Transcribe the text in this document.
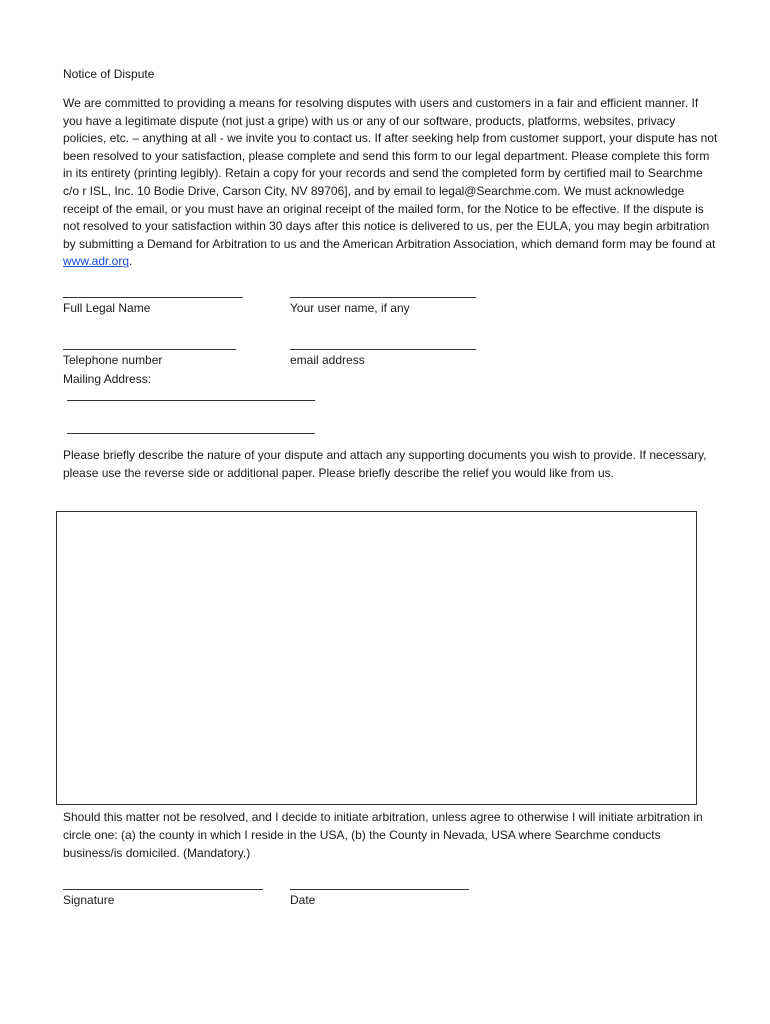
Notice of Dispute
We are committed to providing a means for resolving disputes with users and customers in a fair and efficient manner. If you have a legitimate dispute (not just a gripe) with us or any of our software, products, platforms, websites, privacy policies, etc. – anything at all - we invite you to contact us. If after seeking help from customer support, your dispute has not been resolved to your satisfaction, please complete and send this form to our legal department. Please complete this form in its entirety (printing legibly). Retain a copy for your records and send the completed form by certified mail to Searchme c/o r ISL, Inc. 10 Bodie Drive, Carson City, NV 89706], and by email to legal@Searchme.com. We must acknowledge receipt of the email, or you must have an original receipt of the mailed form, for the Notice to be effective. If the dispute is not resolved to your satisfaction within 30 days after this notice is delivered to us, per the EULA, you may begin arbitration by submitting a Demand for Arbitration to us and the American Arbitration Association, which demand form may be found at www.adr.org.
Full Legal Name	Your user name, if any
Telephone number	email address
Mailing Address:
Please briefly describe the nature of your dispute and attach any supporting documents you wish to provide. If necessary, please use the reverse side or additional paper. Please briefly describe the relief you would like from us.
Should this matter not be resolved, and I decide to initiate arbitration, unless agree to otherwise I will initiate arbitration in circle one: (a) the county in which I reside in the USA, (b) the County in Nevada, USA where Searchme conducts business/is domiciled. (Mandatory.)
Signature	Date
